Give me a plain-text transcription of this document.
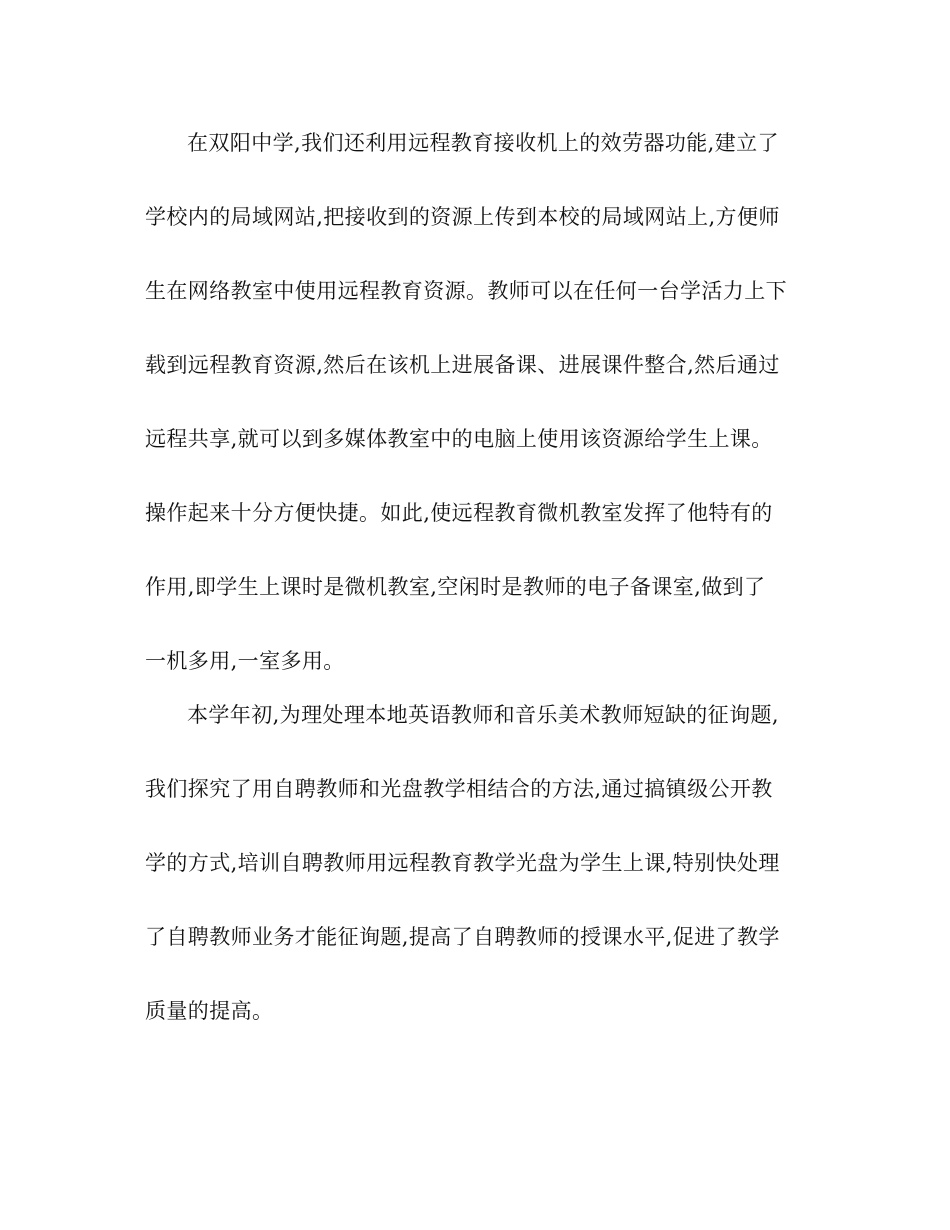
在双阳中学,我们还利用远程教育接收机上的效劳器功能,建立了
学校内的局域网站,把接收到的资源上传到本校的局域网站上,方便师
生在网络教室中使用远程教育资源。教师可以在任何一台学活力上下
载到远程教育资源,然后在该机上进展备课、进展课件整合,然后通过
远程共享,就可以到多媒体教室中的电脑上使用该资源给学生上课。
操作起来十分方便快捷。如此,使远程教育微机教室发挥了他特有的
作用,即学生上课时是微机教室,空闲时是教师的电子备课室,做到了
一机多用,一室多用。
本学年初,为理处理本地英语教师和音乐美术教师短缺的征询题,
我们探究了用自聘教师和光盘教学相结合的方法,通过搞镇级公开教
学的方式,培训自聘教师用远程教育教学光盘为学生上课,特别快处理
了自聘教师业务才能征询题,提高了自聘教师的授课水平,促进了教学
质量的提高。
